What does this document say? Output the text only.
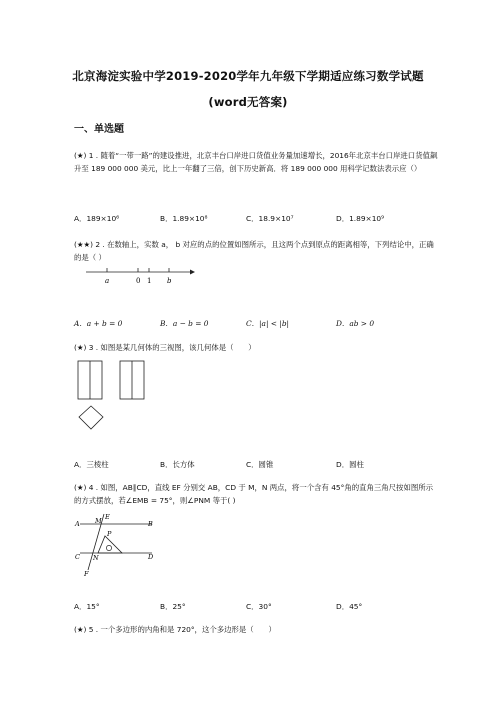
北京海淀实验中学2019-2020学年九年级下学期适应练习数学试题
(word无答案)
一、单选题
(★) 1 . 随着“一带一路”的建设推进，北京丰台口岸进口货值业务量加速增长，2016年北京丰台口岸进口货值飙升至 189 000 000 美元，比上一年翻了三倍，创下历史新高．将 189 000 000 用科学记数法表示应（）
A．189×10⁶	B．1.89×10⁸	C．18.9×10⁷	D．1.89×10⁹
(★★) 2 . 在数轴上，实数 a， b 对应的点的位置如图所示，且这两个点到原点的距离相等，下列结论中，正确的是（ ）
a	0 1 b
A．a + b = 0	B．a − b = 0	C．|a| < |b|	D．ab > 0
(★) 3 . 如图是某几何体的三视图，该几何体是（　　）
A．三棱柱	B．长方体	C．圆锥	D．圆柱
(★) 4 . 如图，AB∥CD，直线 EF 分别交 AB，CD 于 M，N 两点，将一个含有 45°角的直角三角尺按如图所示的方式摆放，若∠EMB = 75°，则∠PNM 等于( )
E
A M	B
P
C N	D
F
A．15°	B．25°	C．30°	D．45°
(★) 5 . 一个多边形的内角和是 720°，这个多边形是（　　）
